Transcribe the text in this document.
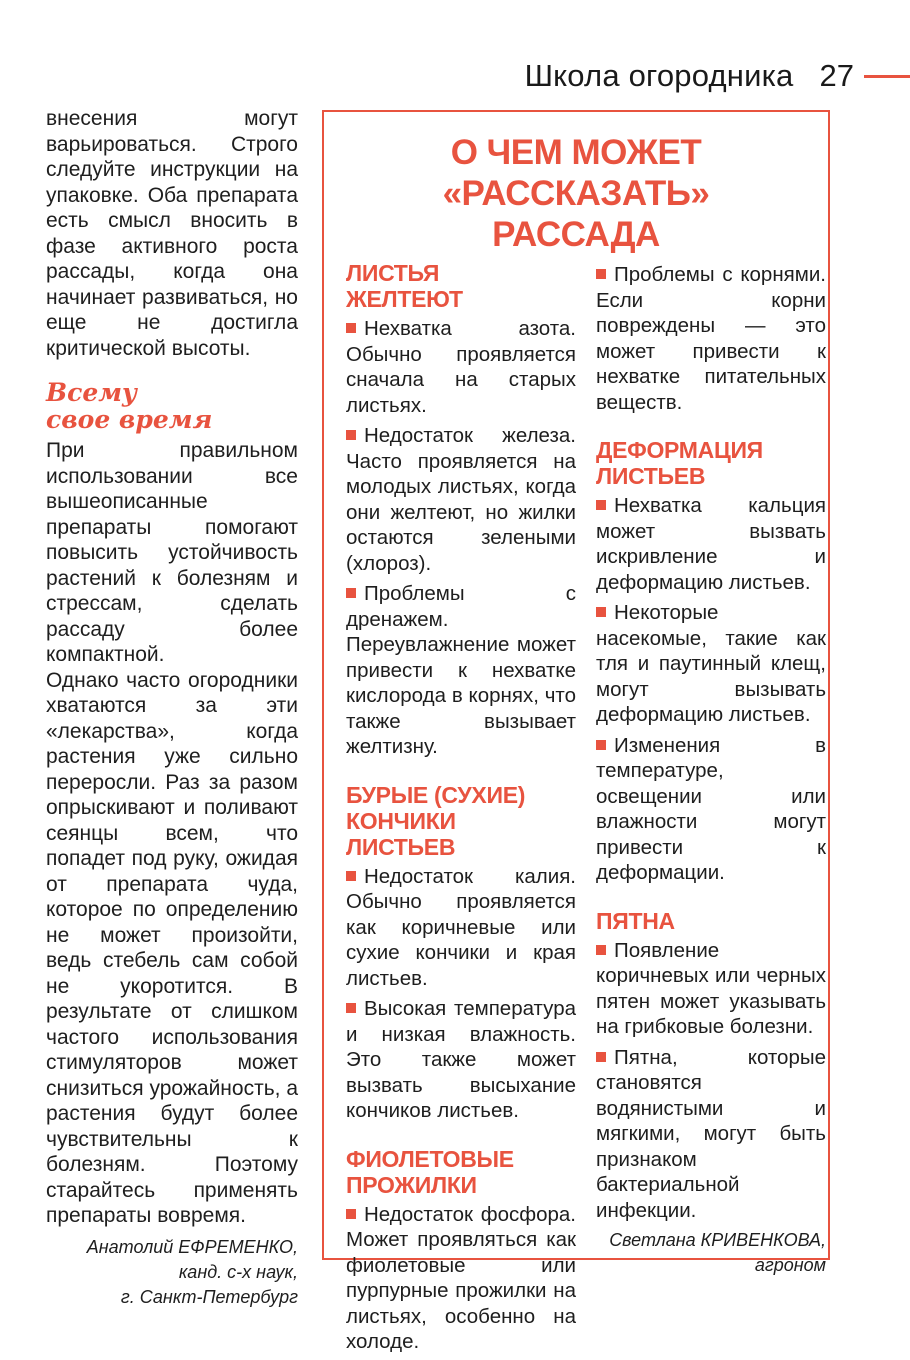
Школа огородника 27

внесения могут варьироваться. Строго следуйте инструкции на упаковке. Оба препарата есть смысл вносить в фазе активного роста рассады, когда она начинает развиваться, но еще не достигла критической высоты.

Всему
свое время

При правильном использовании все вышеописанные препараты помогают повысить устойчивость растений к болезням и стрессам, сделать рассаду более компактной.

Однако часто огородники хватаются за эти «лекарства», когда растения уже сильно переросли. Раз за разом опрыскивают и поливают сеянцы всем, что попадет под руку, ожидая от препарата чуда, которое по определению не может произойти, ведь стебель сам собой не укоротится. В результате от слишком частого использования стимуляторов может снизиться урожайность, а растения будут более чувствительны к болезням. Поэтому старайтесь применять препараты вовремя.

Анатолий ЕФРЕМЕНКО,
канд. с-х наук,
г. Санкт-Петербург
О ЧЕМ МОЖЕТ
«РАССКАЗАТЬ»
РАССАДА
ЛИСТЬЯ
ЖЕЛТЕЮТ

Нехватка азота. Обычно проявляется сначала на старых листьях.

Недостаток железа. Часто проявляется на молодых листьях, когда они желтеют, но жилки остаются зелеными (хлороз).

Проблемы с дренажем. Переувлажнение может привести к нехватке кислорода в корнях, что также вызывает желтизну.

БУРЫЕ (СУХИЕ)
КОНЧИКИ
ЛИСТЬЕВ

Недостаток калия. Обычно проявляется как коричневые или сухие кончики и края листьев.

Высокая температура и низкая влажность. Это также может вызвать высыхание кончиков листьев.

ФИОЛЕТОВЫЕ
ПРОЖИЛКИ

Недостаток фосфора. Может проявляться как фиолетовые или пурпурные прожилки на листьях, особенно на холоде.

Проблемы с корнями. Если корни повреждены — это может привести к нехватке питательных веществ.

ДЕФОРМАЦИЯ
ЛИСТЬЕВ

Нехватка кальция может вызвать искривление и деформацию листьев.

Некоторые насекомые, такие как тля и паутинный клещ, могут вызывать деформацию листьев.

Изменения в температуре, освещении или влажности могут привести к деформации.

ПЯТНА

Появление коричневых или черных пятен может указывать на грибковые болезни.

Пятна, которые становятся водянистыми и мягкими, могут быть признаком бактериальной инфекции.

Светлана КРИВЕНКОВА,
агроном
